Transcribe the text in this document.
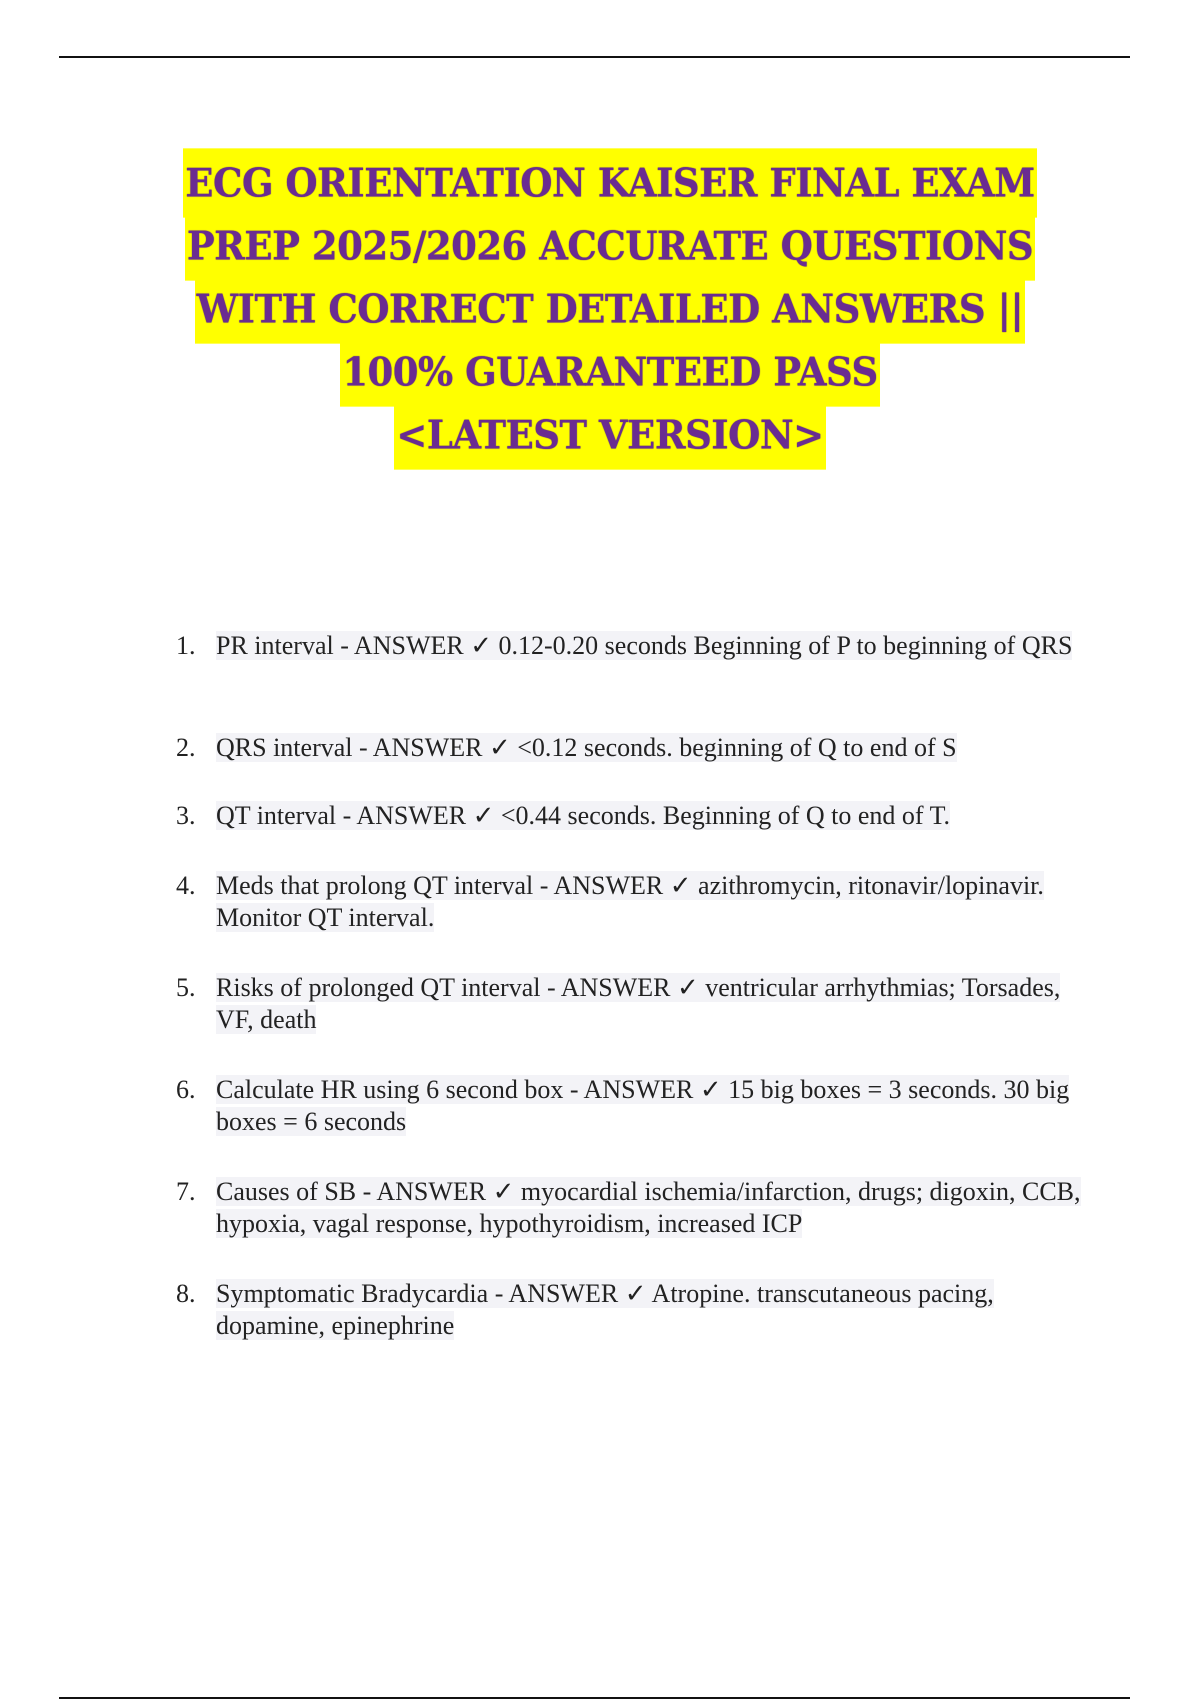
ECG ORIENTATION KAISER FINAL EXAM
PREP 2025/2026 ACCURATE QUESTIONS
WITH CORRECT DETAILED ANSWERS ||
100% GUARANTEED PASS
<LATEST VERSION>
1. PR interval - ANSWER ✓ 0.12-0.20 seconds Beginning of P to beginning of QRS
2. QRS interval - ANSWER ✓ <0.12 seconds. beginning of Q to end of S
3. QT interval - ANSWER ✓ <0.44 seconds. Beginning of Q to end of T.
4. Meds that prolong QT interval - ANSWER ✓ azithromycin, ritonavir/lopinavir. Monitor QT interval.
5. Risks of prolonged QT interval - ANSWER ✓ ventricular arrhythmias; Torsades, VF, death
6. Calculate HR using 6 second box - ANSWER ✓ 15 big boxes = 3 seconds. 30 big boxes = 6 seconds
7. Causes of SB - ANSWER ✓ myocardial ischemia/infarction, drugs; digoxin, CCB, hypoxia, vagal response, hypothyroidism, increased ICP
8. Symptomatic Bradycardia - ANSWER ✓ Atropine. transcutaneous pacing, dopamine, epinephrine
